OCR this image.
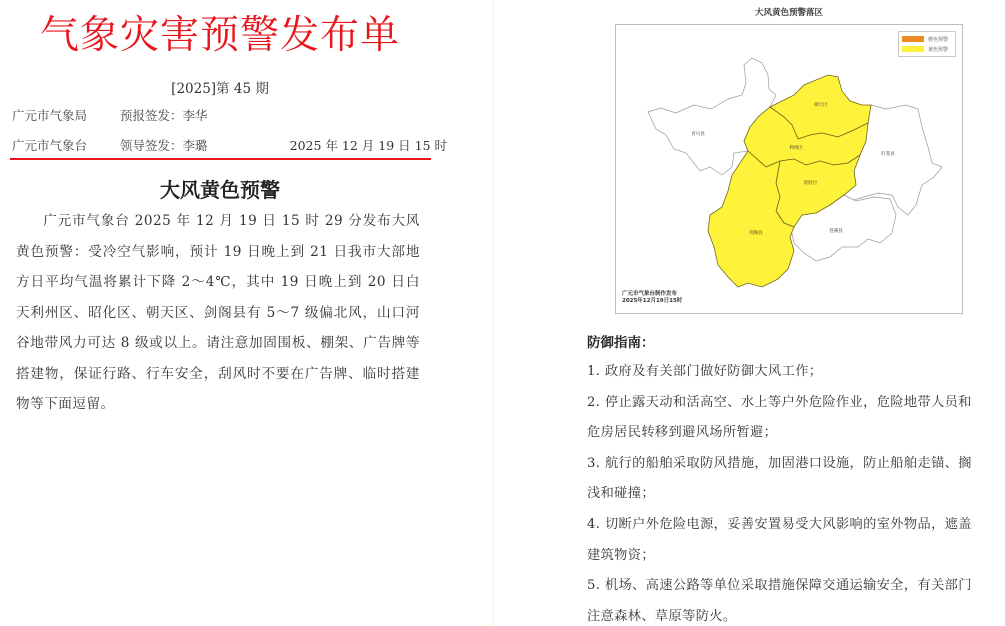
气象灾害预警发布单
[2025]第 45 期
广元市气象局	预报签发：李华
广元市气象台	领导签发：李璐	2025 年 12 月 19 日 15 时
大风黄色预警

广元市气象台 2025 年 12 月 19 日 15 时 29 分发布大风黄色预警：受冷空气影响，预计 19 日晚上到 21 日我市大部地方日平均气温将累计下降 2～4℃，其中 19 日晚上到 20 日白天利州区、昭化区、朝天区、剑阁县有 5～7 级偏北风，山口河谷地带风力可达 8 级或以上。请注意加固围板、棚架、广告牌等搭建物，保证行路、行车安全，刮风时不要在广告牌、临时搭建物等下面逗留。

大风黄色预警落区
青川县
朝天区
利州区
旺苍县
昭化区
剑阁县	苍溪县
橙色预警
黄色预警
广元市气象台制作发布
2025年12月19日15时
防御指南：
1. 政府及有关部门做好防御大风工作；
2. 停止露天动和活高空、水上等户外危险作业，危险地带人员和危房居民转移到避风场所暂避；
3. 航行的船舶采取防风措施，加固港口设施，防止船舶走锚、搁浅和碰撞；
4. 切断户外危险电源，妥善安置易受大风影响的室外物品，遮盖建筑物资；
5. 机场、高速公路等单位采取措施保障交通运输安全，有关部门注意森林、草原等防火。
